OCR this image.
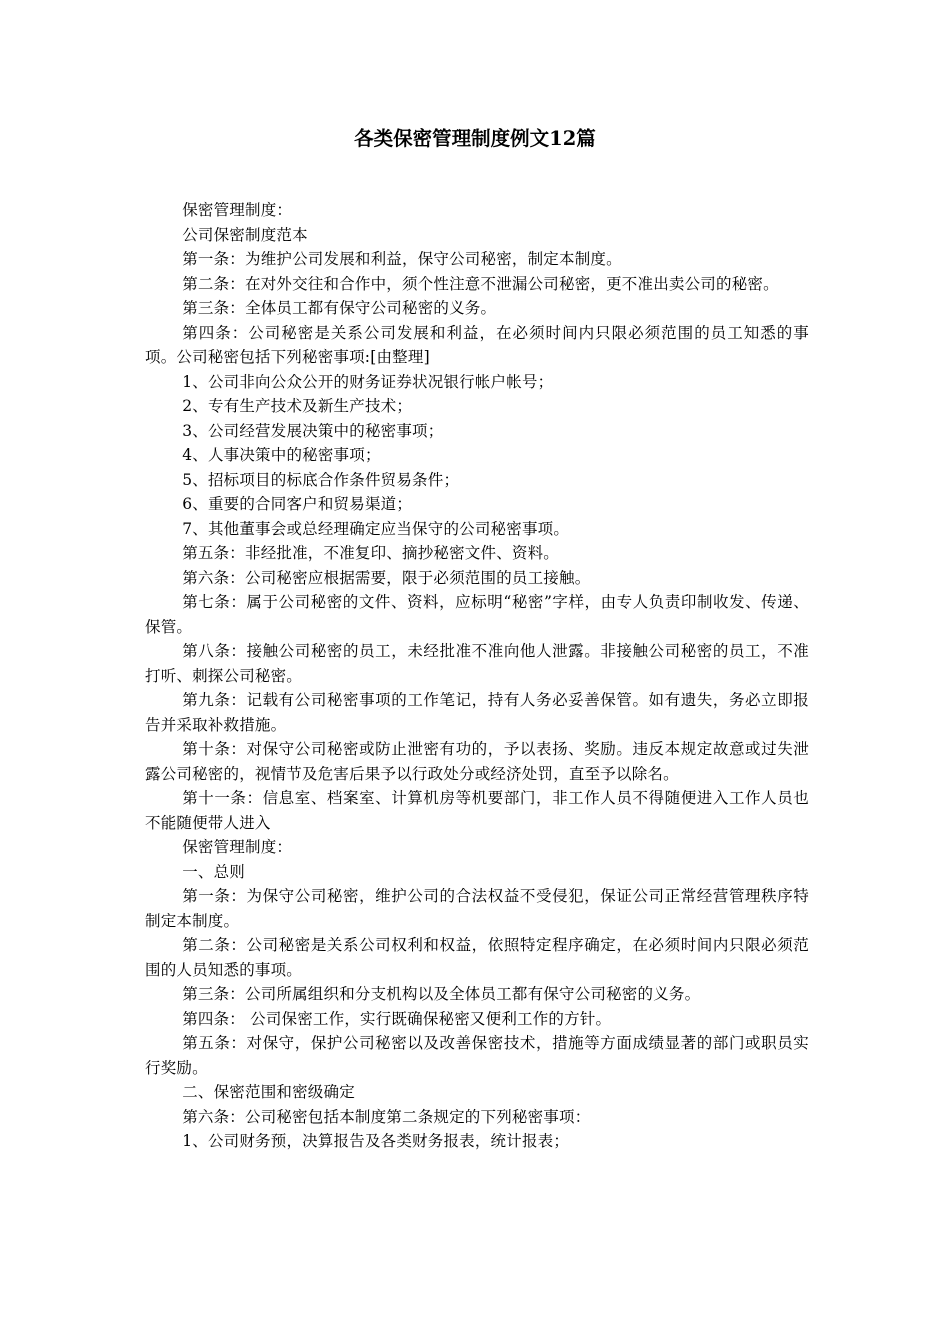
各类保密管理制度例文12篇

保密管理制度：

公司保密制度范本

第一条：为维护公司发展和利益，保守公司秘密，制定本制度。

第二条：在对外交往和合作中，须个性注意不泄漏公司秘密，更不准出卖公司的秘密。

第三条：全体员工都有保守公司秘密的义务。

第四条：公司秘密是关系公司发展和利益，在必须时间内只限必须范围的员工知悉的事项。公司秘密包括下列秘密事项:[由整理]

1、公司非向公众公开的财务证券状况银行帐户帐号；

2、专有生产技术及新生产技术；

3、公司经营发展决策中的秘密事项；

4、人事决策中的秘密事项；

5、招标项目的标底合作条件贸易条件；

6、重要的合同客户和贸易渠道；

7、其他董事会或总经理确定应当保守的公司秘密事项。

第五条：非经批准，不准复印、摘抄秘密文件、资料。

第六条：公司秘密应根据需要，限于必须范围的员工接触。

第七条：属于公司秘密的文件、资料，应标明“秘密”字样，由专人负责印制收发、传递、保管。

第八条：接触公司秘密的员工，未经批准不准向他人泄露。非接触公司秘密的员工，不准打听、刺探公司秘密。

第九条：记载有公司秘密事项的工作笔记，持有人务必妥善保管。如有遗失，务必立即报告并采取补救措施。

第十条：对保守公司秘密或防止泄密有功的，予以表扬、奖励。违反本规定故意或过失泄露公司秘密的，视情节及危害后果予以行政处分或经济处罚，直至予以除名。

第十一条：信息室、档案室、计算机房等机要部门，非工作人员不得随便进入工作人员也不能随便带人进入

保密管理制度：

一、总则

第一条：为保守公司秘密，维护公司的合法权益不受侵犯，保证公司正常经营管理秩序特制定本制度。

第二条：公司秘密是关系公司权利和权益，依照特定程序确定，在必须时间内只限必须范围的人员知悉的事项。

第三条：公司所属组织和分支机构以及全体员工都有保守公司秘密的义务。

第四条： 公司保密工作，实行既确保秘密又便利工作的方针。

第五条：对保守，保护公司秘密以及改善保密技术，措施等方面成绩显著的部门或职员实行奖励。

二、保密范围和密级确定

第六条：公司秘密包括本制度第二条规定的下列秘密事项：

1、公司财务预，决算报告及各类财务报表，统计报表；
